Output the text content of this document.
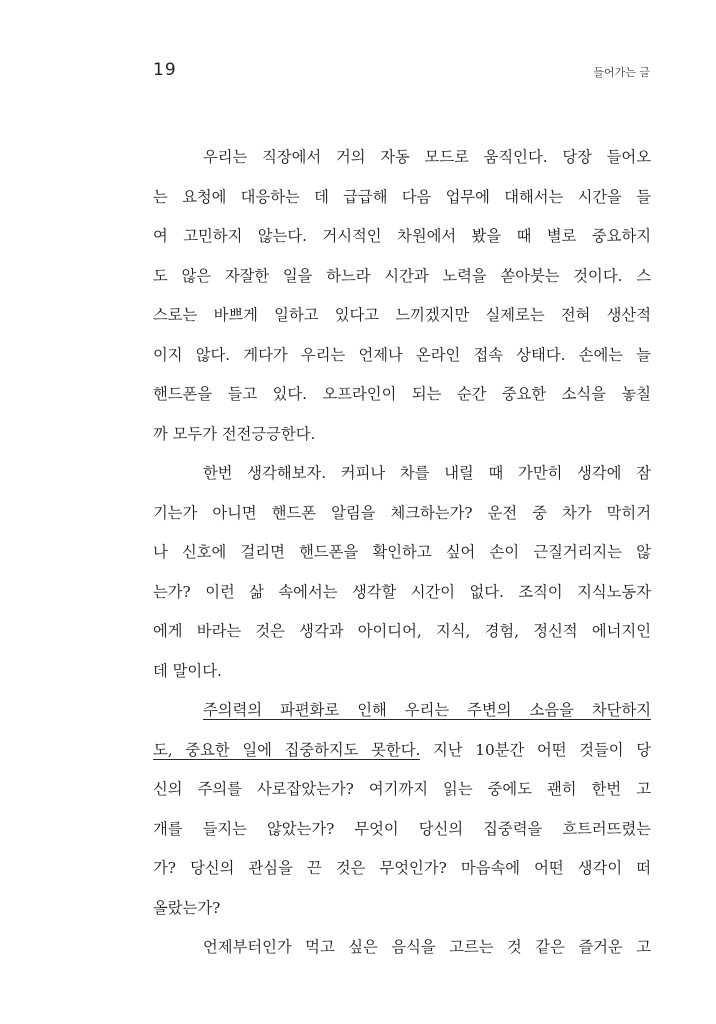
19	들어가는 글
우리는 직장에서 거의 자동 모드로 움직인다. 당장 들어오
는 요청에 대응하는 데 급급해 다음 업무에 대해서는 시간을 들
여 고민하지 않는다. 거시적인 차원에서 봤을 때 별로 중요하지
도 않은 자잘한 일을 하느라 시간과 노력을 쏟아붓는 것이다. 스
스로는 바쁘게 일하고 있다고 느끼겠지만 실제로는 전혀 생산적
이지 않다. 게다가 우리는 언제나 온라인 접속 상태다. 손에는 늘
핸드폰을 들고 있다. 오프라인이 되는 순간 중요한 소식을 놓칠
까 모두가 전전긍긍한다.
한번 생각해보자. 커피나 차를 내릴 때 가만히 생각에 잠
기는가 아니면 핸드폰 알림을 체크하는가? 운전 중 차가 막히거
나 신호에 걸리면 핸드폰을 확인하고 싶어 손이 근질거리지는 않
는가? 이런 삶 속에서는 생각할 시간이 없다. 조직이 지식노동자
에게 바라는 것은 생각과 아이디어, 지식, 경험, 정신적 에너지인
데 말이다.
주의력의 파편화로 인해 우리는 주변의 소음을 차단하지
도, 중요한 일에 집중하지도 못한다. 지난 10분간 어떤 것들이 당
신의 주의를 사로잡았는가? 여기까지 읽는 중에도 괜히 한번 고
개를 들지는 않았는가? 무엇이 당신의 집중력을 흐트러뜨렸는
가? 당신의 관심을 끈 것은 무엇인가? 마음속에 어떤 생각이 떠
올랐는가?
언제부터인가 먹고 싶은 음식을 고르는 것 같은 즐거운 고
